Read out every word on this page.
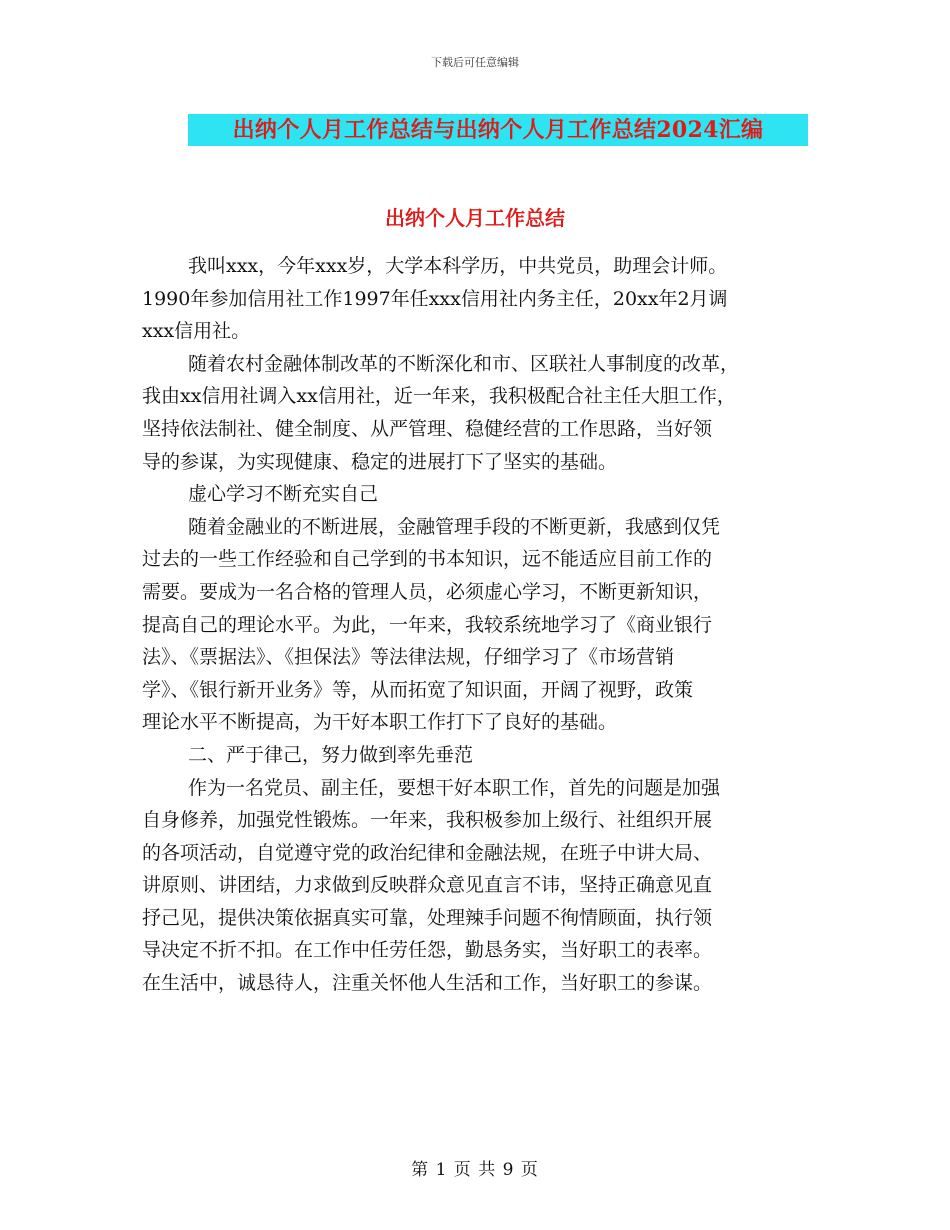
下载后可任意编辑
出纳个人月工作总结与出纳个人月工作总结2024汇编
出纳个人月工作总结
我叫xxx，今年xxx岁，大学本科学历，中共党员，助理会计师。
1990年参加信用社工作1997年任xxx信用社内务主任，20xx年2月调
xxx信用社。
随着农村金融体制改革的不断深化和市、区联社人事制度的改革，
我由xx信用社调入xx信用社，近一年来，我积极配合社主任大胆工作，
坚持依法制社、健全制度、从严管理、稳健经营的工作思路，当好领
导的参谋，为实现健康、稳定的进展打下了坚实的基础。
虚心学习不断充实自己
随着金融业的不断进展，金融管理手段的不断更新，我感到仅凭
过去的一些工作经验和自己学到的书本知识，远不能适应目前工作的
需要。要成为一名合格的管理人员，必须虚心学习，不断更新知识，
提高自己的理论水平。为此，一年来，我较系统地学习了《商业银行
法》、《票据法》、《担保法》等法律法规，仔细学习了《市场营销
学》、《银行新开业务》等，从而拓宽了知识面，开阔了视野，政策
理论水平不断提高，为干好本职工作打下了良好的基础。
二、严于律己，努力做到率先垂范
作为一名党员、副主任，要想干好本职工作，首先的问题是加强
自身修养，加强党性锻炼。一年来，我积极参加上级行、社组织开展
的各项活动，自觉遵守党的政治纪律和金融法规，在班子中讲大局、
讲原则、讲团结，力求做到反映群众意见直言不讳，坚持正确意见直
抒己见，提供决策依据真实可靠，处理辣手问题不徇情顾面，执行领
导决定不折不扣。在工作中任劳任怨，勤恳务实，当好职工的表率。
在生活中，诚恳待人，注重关怀他人生活和工作，当好职工的参谋。
第 1 页 共 9 页
